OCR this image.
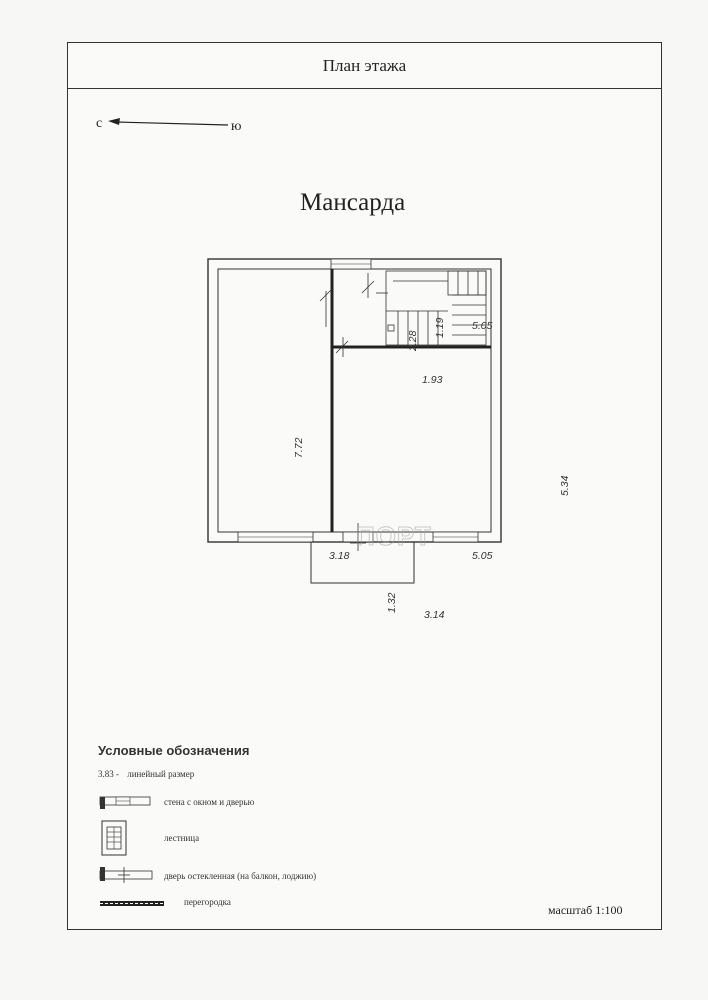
План этажа
с	ю
Мансарда
7.72
2.28
1.19 5.05
1.93
5.34
3.18	5.05
1.32
3.14
ПОРТ
Условные обозначения
3.83 - линейный размер
стена с окном и дверью
лестница
дверь остекленная (на балкон, лоджию)
перегородка
масштаб 1:100
